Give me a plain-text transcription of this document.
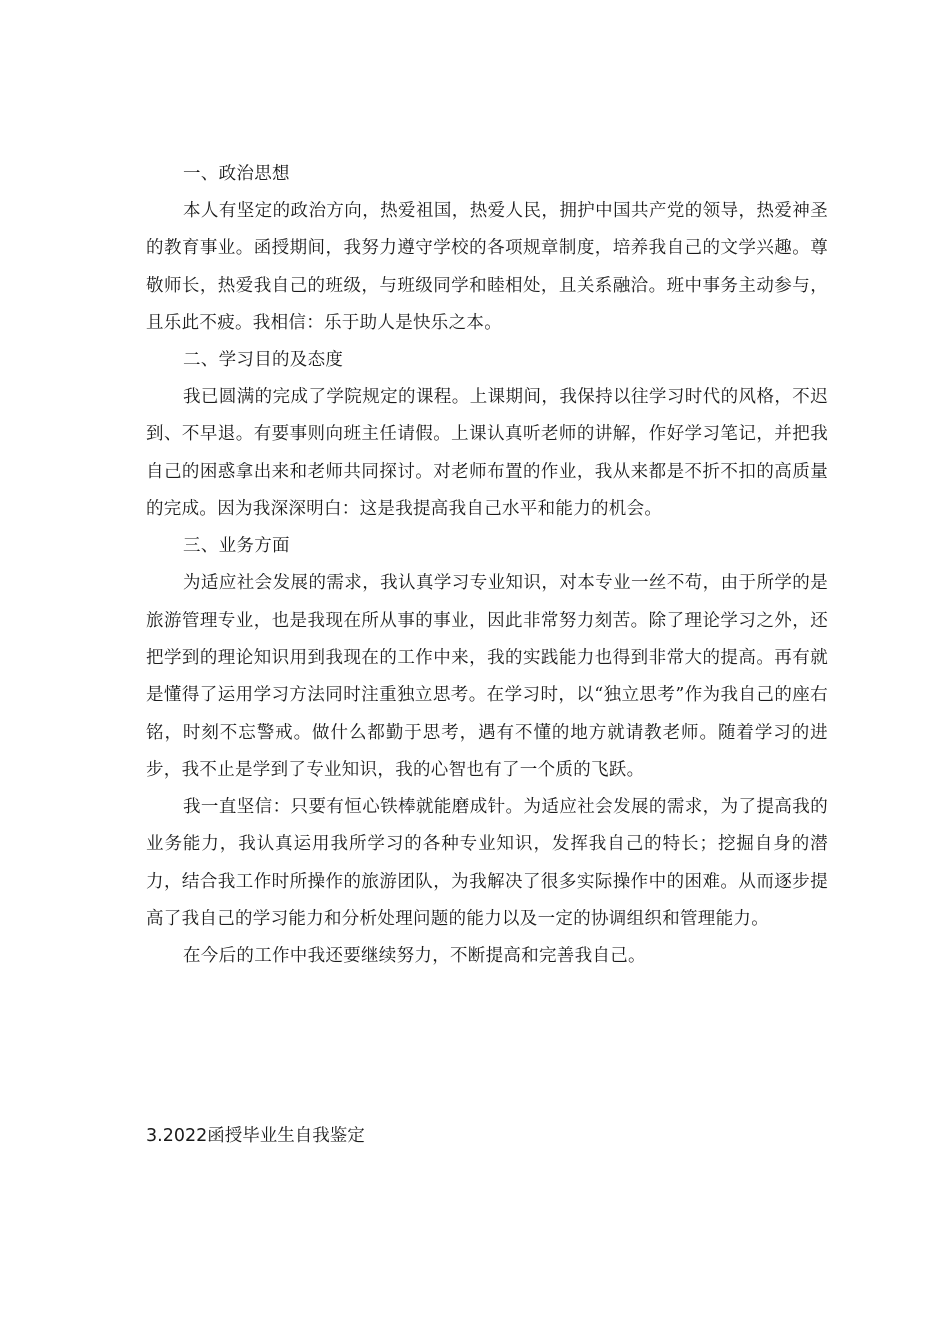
一、政治思想

本人有坚定的政治方向，热爱祖国，热爱人民，拥护中国共产党的领导，热爱神圣的教育事业。函授期间，我努力遵守学校的各项规章制度，培养我自己的文学兴趣。尊敬师长，热爱我自己的班级，与班级同学和睦相处，且关系融洽。班中事务主动参与，且乐此不疲。我相信：乐于助人是快乐之本。

二、学习目的及态度

我已圆满的完成了学院规定的课程。上课期间，我保持以往学习时代的风格，不迟到、不早退。有要事则向班主任请假。上课认真听老师的讲解，作好学习笔记，并把我自己的困惑拿出来和老师共同探讨。对老师布置的作业，我从来都是不折不扣的高质量的完成。因为我深深明白：这是我提高我自己水平和能力的机会。

三、业务方面

为适应社会发展的需求，我认真学习专业知识，对本专业一丝不苟，由于所学的是旅游管理专业，也是我现在所从事的事业，因此非常努力刻苦。除了理论学习之外，还把学到的理论知识用到我现在的工作中来，我的实践能力也得到非常大的提高。再有就是懂得了运用学习方法同时注重独立思考。在学习时，以“独立思考”作为我自己的座右铭，时刻不忘警戒。做什么都勤于思考，遇有不懂的地方就请教老师。随着学习的进步，我不止是学到了专业知识，我的心智也有了一个质的飞跃。

我一直坚信：只要有恒心铁棒就能磨成针。为适应社会发展的需求，为了提高我的业务能力，我认真运用我所学习的各种专业知识，发挥我自己的特长；挖掘自身的潜力，结合我工作时所操作的旅游团队，为我解决了很多实际操作中的困难。从而逐步提高了我自己的学习能力和分析处理问题的能力以及一定的协调组织和管理能力。

在今后的工作中我还要继续努力，不断提高和完善我自己。

3.2022函授毕业生自我鉴定
